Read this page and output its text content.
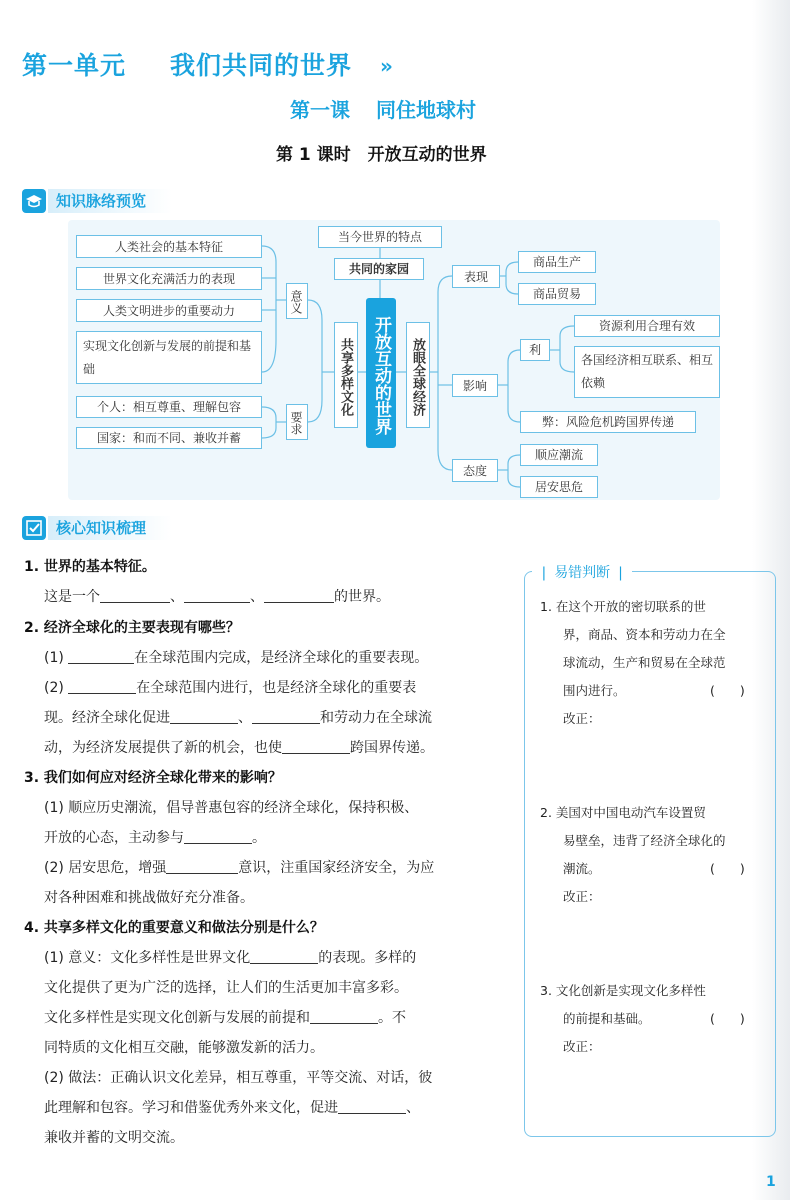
第一单元 我们共同的世界 »
第一课 同住地球村
第 1 课时　开放互动的世界
知识脉络预览
当今世界的特点
共同的家园
人类社会的基本特征
世界文化充满活力的表现
人类文明进步的重要动力
实现文化创新与发展的前提和基础
个人：相互尊重、理解包容
国家：和而不同、兼收并蓄
意义
要求
共享多样文化 开放互动的世界	放眼全球经济
表现
商品生产
商品贸易
影响
利
资源利用合理有效
各国经济相互联系、相互依赖
弊：风险危机跨国界传递
态度
顺应潮流
居安思危
核心知识梳理
1. 世界的基本特征。
这是一个	、	、	的世界。
2. 经济全球化的主要表现有哪些？
(1)	在全球范围内完成，是经济全球化的重要表现。
(2)	在全球范围内进行，也是经济全球化的重要表
现。经济全球化促进	、	和劳动力在全球流
动，为经济发展提供了新的机会，也使	跨国界传递。
3. 我们如何应对经济全球化带来的影响？
(1) 顺应历史潮流，倡导普惠包容的经济全球化，保持积极、
开放的心态，主动参与	。
(2) 居安思危，增强	意识，注重国家经济安全，为应
对各种困难和挑战做好充分准备。
4. 共享多样文化的重要意义和做法分别是什么？
(1) 意义：文化多样性是世界文化	的表现。多样的
文化提供了更为广泛的选择，让人们的生活更加丰富多彩。
文化多样性是实现文化创新与发展的前提和	。不
同特质的文化相互交融，能够激发新的活力。
(2) 做法：正确认识文化差异，相互尊重，平等交流、对话，彼
此理解和包容。学习和借鉴优秀外来文化，促进	、
兼收并蓄的文明交流。
❘ 易错判断 ❘
1. 在这个开放的密切联系的世
界，商品、资本和劳动力在全
球流动，生产和贸易在全球范
围内进行。	(　　)
改正：
2. 美国对中国电动汽车设置贸
易壁垒，违背了经济全球化的
潮流。	(　　)
改正：
3. 文化创新是实现文化多样性
的前提和基础。	(　　)
改正：
1
